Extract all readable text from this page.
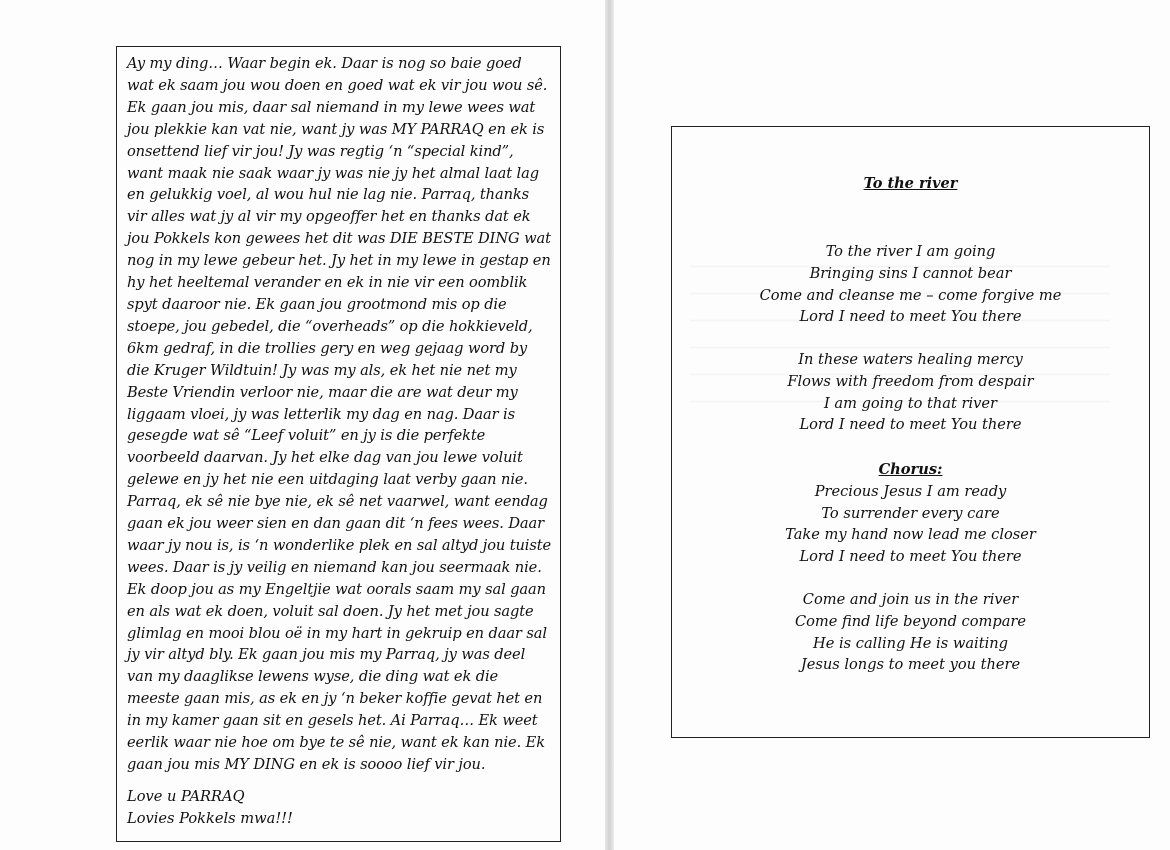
Ay my ding… Waar begin ek. Daar is nog so baie goed wat ek saam jou wou doen en goed wat ek vir jou wou sê. Ek gaan jou mis, daar sal niemand in my lewe wees wat jou plekkie kan vat nie, want jy was MY PARRAQ en ek is onsettend lief vir jou! Jy was regtig ‘n “special kind”, want maak nie saak waar jy was nie jy het almal laat lag en gelukkig voel, al wou hul nie lag nie. Parraq, thanks vir alles wat jy al vir my opgeoffer het en thanks dat ek jou Pokkels kon gewees het dit was DIE BESTE DING wat nog in my lewe gebeur het. Jy het in my lewe in gestap en hy het heeltemal verander en ek in nie vir een oomblik spyt daaroor nie. Ek gaan jou grootmond mis op die stoepe, jou gebedel, die “overheads” op die hokkieveld, 6km gedraf, in die trollies gery en weg gejaag word by die Kruger Wildtuin! Jy was my als, ek het nie net my Beste Vriendin verloor nie, maar die are wat deur my liggaam vloei, jy was letterlik my dag en nag. Daar is gesegde wat sê “Leef voluit” en jy is die perfekte voorbeeld daarvan. Jy het elke dag van jou lewe voluit gelewe en jy het nie een uitdaging laat verby gaan nie. Parraq, ek sê nie bye nie, ek sê net vaarwel, want eendag gaan ek jou weer sien en dan gaan dit ‘n fees wees. Daar waar jy nou is, is ‘n wonderlike plek en sal altyd jou tuiste wees. Daar is jy veilig en niemand kan jou seermaak nie. Ek doop jou as my Engeltjie wat oorals saam my sal gaan en als wat ek doen, voluit sal doen. Jy het met jou sagte glimlag en mooi blou oë in my hart in gekruip en daar sal jy vir altyd bly. Ek gaan jou mis my Parraq, jy was deel van my daaglikse lewens wyse, die ding wat ek die meeste gaan mis, as ek en jy ‘n beker koffie gevat het en in my kamer gaan sit en gesels het. Ai Parraq… Ek weet eerlik waar nie hoe om bye te sê nie, want ek kan nie. Ek gaan jou mis MY DING en ek is soooo lief vir jou.

Love u PARRAQ
Lovies Pokkels mwa!!!
To the river
To the river I am going
Bringing sins I cannot bear
Come and cleanse me – come forgive me
Lord I need to meet You there
In these waters healing mercy
Flows with freedom from despair
I am going to that river
Lord I need to meet You there
Chorus:
Precious Jesus I am ready
To surrender every care
Take my hand now lead me closer
Lord I need to meet You there
Come and join us in the river
Come find life beyond compare
He is calling He is waiting
Jesus longs to meet you there
